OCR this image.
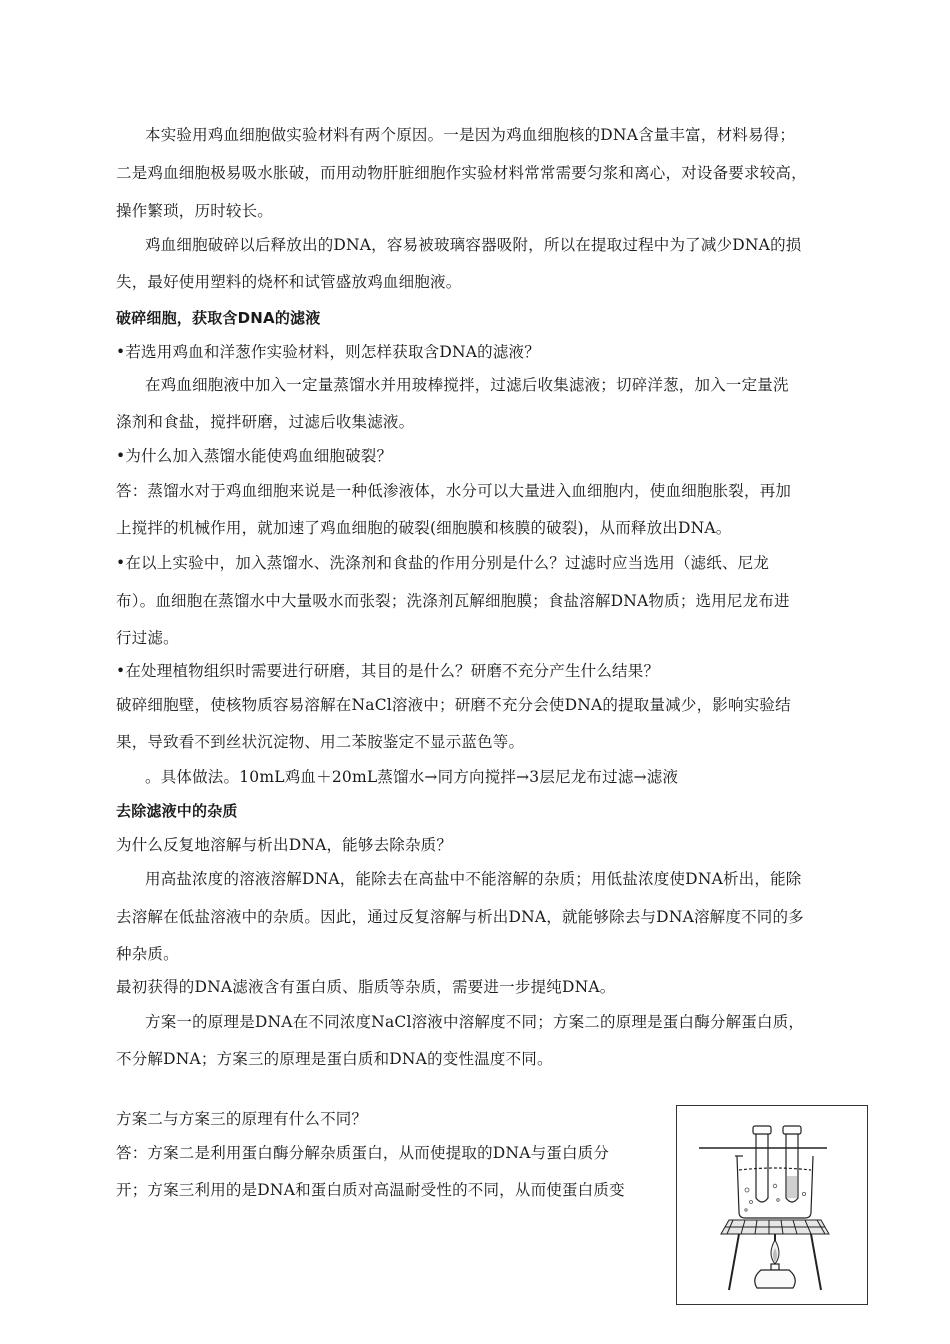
本实验用鸡血细胞做实验材料有两个原因。一是因为鸡血细胞核的DNA含量丰富，材料易得；
二是鸡血细胞极易吸水胀破，而用动物肝脏细胞作实验材料常常需要匀浆和离心，对设备要求较高，
操作繁琐，历时较长。
鸡血细胞破碎以后释放出的DNA，容易被玻璃容器吸附，所以在提取过程中为了减少DNA的损
失，最好使用塑料的烧杯和试管盛放鸡血细胞液。
破碎细胞，获取含DNA的滤液
•若选用鸡血和洋葱作实验材料，则怎样获取含DNA的滤液？
在鸡血细胞液中加入一定量蒸馏水并用玻棒搅拌，过滤后收集滤液；切碎洋葱，加入一定量洗
涤剂和食盐，搅拌研磨，过滤后收集滤液。
•为什么加入蒸馏水能使鸡血细胞破裂？
答：蒸馏水对于鸡血细胞来说是一种低渗液体，水分可以大量进入血细胞内，使血细胞胀裂，再加
上搅拌的机械作用，就加速了鸡血细胞的破裂(细胞膜和核膜的破裂)，从而释放出DNA。
•在以上实验中，加入蒸馏水、洗涤剂和食盐的作用分别是什么？过滤时应当选用（滤纸、尼龙
布）。血细胞在蒸馏水中大量吸水而张裂；洗涤剂瓦解细胞膜；食盐溶解DNA物质；选用尼龙布进
行过滤。
•在处理植物组织时需要进行研磨，其目的是什么？研磨不充分产生什么结果？
破碎细胞壁，使核物质容易溶解在NaCl溶液中；研磨不充分会使DNA的提取量减少，影响实验结
果，导致看不到丝状沉淀物、用二苯胺鉴定不显示蓝色等。
。具体做法。10mL鸡血＋20mL蒸馏水→同方向搅拌→3层尼龙布过滤→滤液
去除滤液中的杂质
为什么反复地溶解与析出DNA，能够去除杂质？
用高盐浓度的溶液溶解DNA，能除去在高盐中不能溶解的杂质；用低盐浓度使DNA析出，能除
去溶解在低盐溶液中的杂质。因此，通过反复溶解与析出DNA，就能够除去与DNA溶解度不同的多
种杂质。
最初获得的DNA滤液含有蛋白质、脂质等杂质，需要进一步提纯DNA。
方案一的原理是DNA在不同浓度NaCl溶液中溶解度不同；方案二的原理是蛋白酶分解蛋白质，
不分解DNA；方案三的原理是蛋白质和DNA的变性温度不同。
方案二与方案三的原理有什么不同？
答：方案二是利用蛋白酶分解杂质蛋白，从而使提取的DNA与蛋白质分
开；方案三利用的是DNA和蛋白质对高温耐受性的不同，从而使蛋白质变
